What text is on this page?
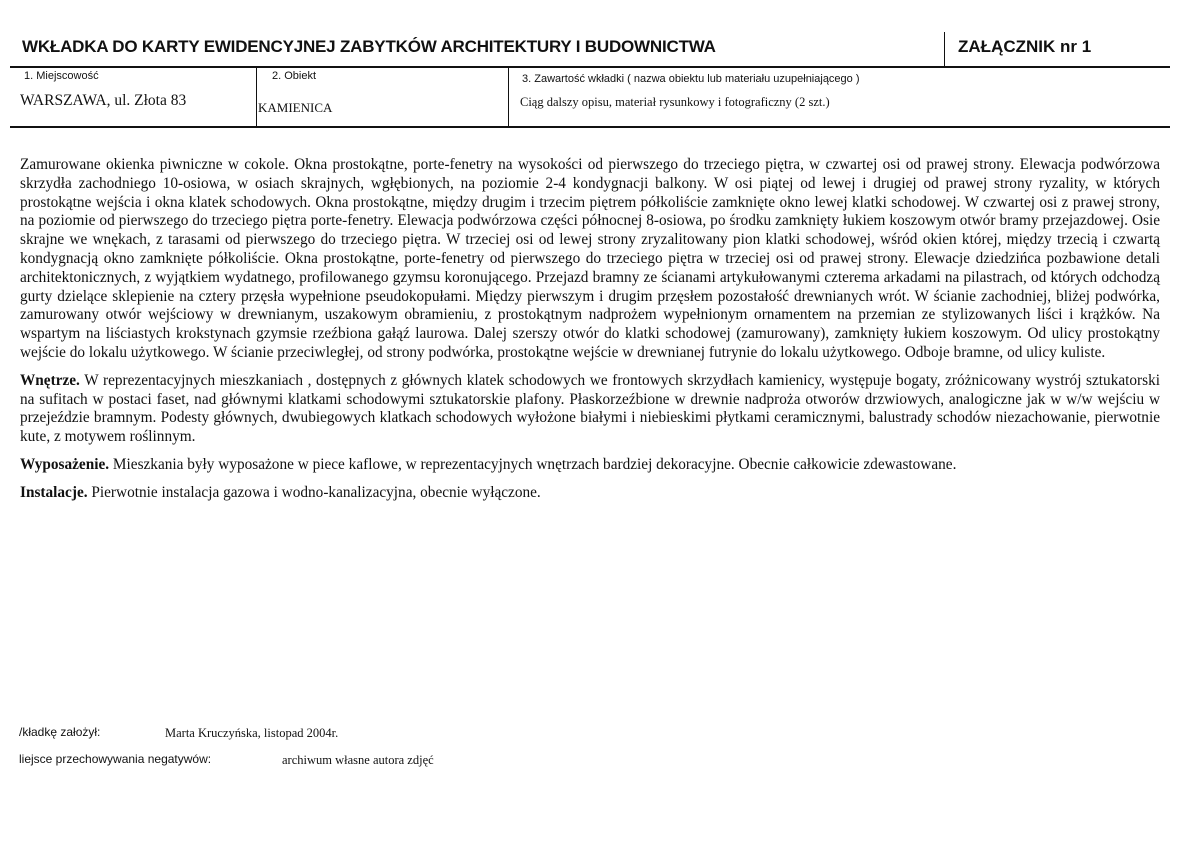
WKŁADKA DO KARTY EWIDENCYJNEJ ZABYTKÓW ARCHITEKTURY I BUDOWNICTWA	ZAŁĄCZNIK nr 1
1. Miejscowość
WARSZAWA, ul. Złota 83
2. Obiekt
KAMIENICA
3. Zawartość wkładki ( nazwa obiektu lub materiału uzupełniającego )
Ciąg dalszy opisu, materiał rysunkowy i fotograficzny (2 szt.)

Zamurowane okienka piwniczne w cokole. Okna prostokątne, porte-fenetry na wysokości od pierwszego do trzeciego piętra, w czwartej osi od prawej strony. Elewacja podwórzowa skrzydła zachodniego 10-osiowa, w osiach skrajnych, wgłębionych, na poziomie 2-4 kondygnacji balkony. W osi piątej od lewej i drugiej od prawej strony ryzality, w których prostokątne wejścia i okna klatek schodowych. Okna prostokątne, między drugim i trzecim piętrem półkoliście zamknięte okno lewej klatki schodowej. W czwartej osi z prawej strony, na poziomie od pierwszego do trzeciego piętra porte-fenetry. Elewacja podwórzowa części północnej 8-osiowa, po środku zamknięty łukiem koszowym otwór bramy przejazdowej. Osie skrajne we wnękach, z tarasami od pierwszego do trzeciego piętra. W trzeciej osi od lewej strony zryzalitowany pion klatki schodowej, wśród okien której, między trzecią i czwartą kondygnacją okno zamknięte półkoliście. Okna prostokątne, porte-fenetry od pierwszego do trzeciego piętra w trzeciej osi od prawej strony. Elewacje dziedzińca pozbawione detali architektonicznych, z wyjątkiem wydatnego, profilowanego gzymsu koronującego. Przejazd bramny ze ścianami artykułowanymi czterema arkadami na pilastrach, od których odchodzą gurty dzielące sklepienie na cztery przęsła wypełnione pseudokopułami. Między pierwszym i drugim przęsłem pozostałość drewnianych wrót. W ścianie zachodniej, bliżej podwórka, zamurowany otwór wejściowy w drewnianym, uszakowym obramieniu, z prostokątnym nadprożem wypełnionym ornamentem na przemian ze stylizowanych liści i krążków. Na wspartym na liściastych krokstynach gzymsie rzeźbiona gałąź laurowa. Dalej szerszy otwór do klatki schodowej (zamurowany), zamknięty łukiem koszowym. Od ulicy prostokątny wejście do lokalu użytkowego. W ścianie przeciwległej, od strony podwórka, prostokątne wejście w drewnianej futrynie do lokalu użytkowego. Odboje bramne, od ulicy kuliste.

Wnętrze. W reprezentacyjnych mieszkaniach , dostępnych z głównych klatek schodowych we frontowych skrzydłach kamienicy, występuje bogaty, zróżnicowany wystrój sztukatorski na sufitach w postaci faset, nad głównymi klatkami schodowymi sztukatorskie plafony. Płaskorzeźbione w drewnie nadproża otworów drzwiowych, analogiczne jak w w/w wejściu w przejeździe bramnym. Podesty głównych, dwubiegowych klatkach schodowych wyłożone białymi i niebieskimi płytkami ceramicznymi, balustrady schodów niezachowanie, pierwotnie kute, z motywem roślinnym.

Wyposażenie. Mieszkania były wyposażone w piece kaflowe, w reprezentacyjnych wnętrzach bardziej dekoracyjne. Obecnie całkowicie zdewastowane.

Instalacje. Pierwotnie instalacja gazowa i wodno-kanalizacyjna, obecnie wyłączone.

/kładkę założył:	Marta Kruczyńska, listopad 2004r.
liejsce przechowywania negatywów:	archiwum własne autora zdjęć
